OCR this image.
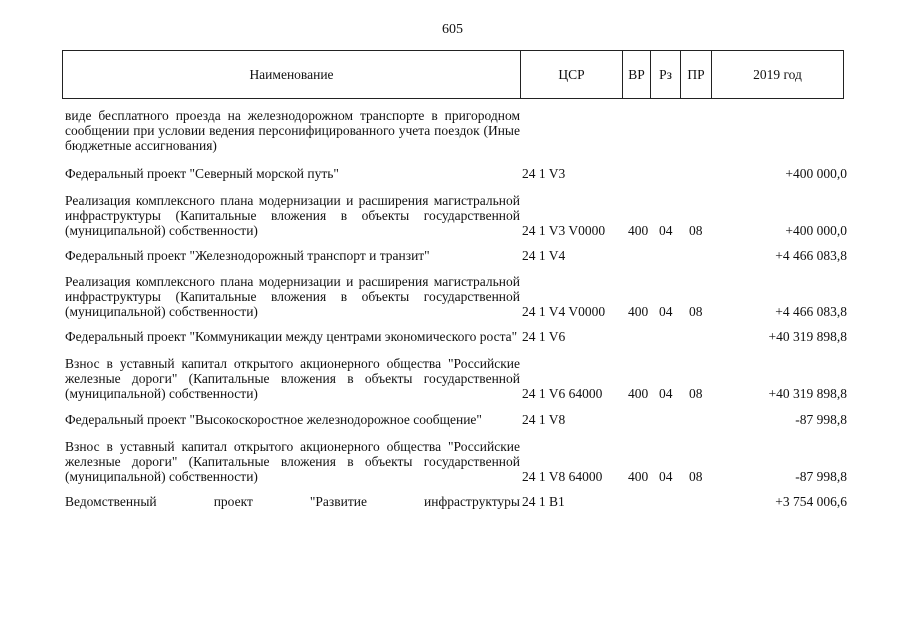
605
Наименование	ЦСР	ВР	Рз	ПР	2019 год
виде бесплатного проезда на железнодорожном транспорте в пригородном сообщении при условии ведения персонифицированного учета поездок (Иные бюджетные ассигнования)
Федеральный проект "Северный морской путь"	24 1 V3	+400 000,0
Реализация комплексного плана модернизации и расширения магистральной инфраструктуры (Капитальные вложения в объекты государственной (муниципальной) собственности)	24 1 V3 V0000 400 04 08	+400 000,0
Федеральный проект "Железнодорожный транспорт и транзит"	24 1 V4	+4 466 083,8
Реализация комплексного плана модернизации и расширения магистральной инфраструктуры (Капитальные вложения в объекты государственной (муниципальной) собственности)	24 1 V4 V0000 400 04 08	+4 466 083,8
Федеральный проект "Коммуникации между центрами экономического роста" 24 1 V6	+40 319 898,8
Взнос в уставный капитал открытого акционерного общества "Российские железные дороги" (Капитальные вложения в объекты государственной (муниципальной) собственности)	24 1 V6 64000 400 04 08	+40 319 898,8
Федеральный проект "Высокоскоростное железнодорожное сообщение"	24 1 V8	-87 998,8
Взнос в уставный капитал открытого акционерного общества "Российские железные дороги" (Капитальные вложения в объекты государственной (муниципальной) собственности)	24 1 V8 64000 400 04 08	-87 998,8
Ведомственный проект "Развитие инфраструктуры 24 1 B1	+3 754 006,6
